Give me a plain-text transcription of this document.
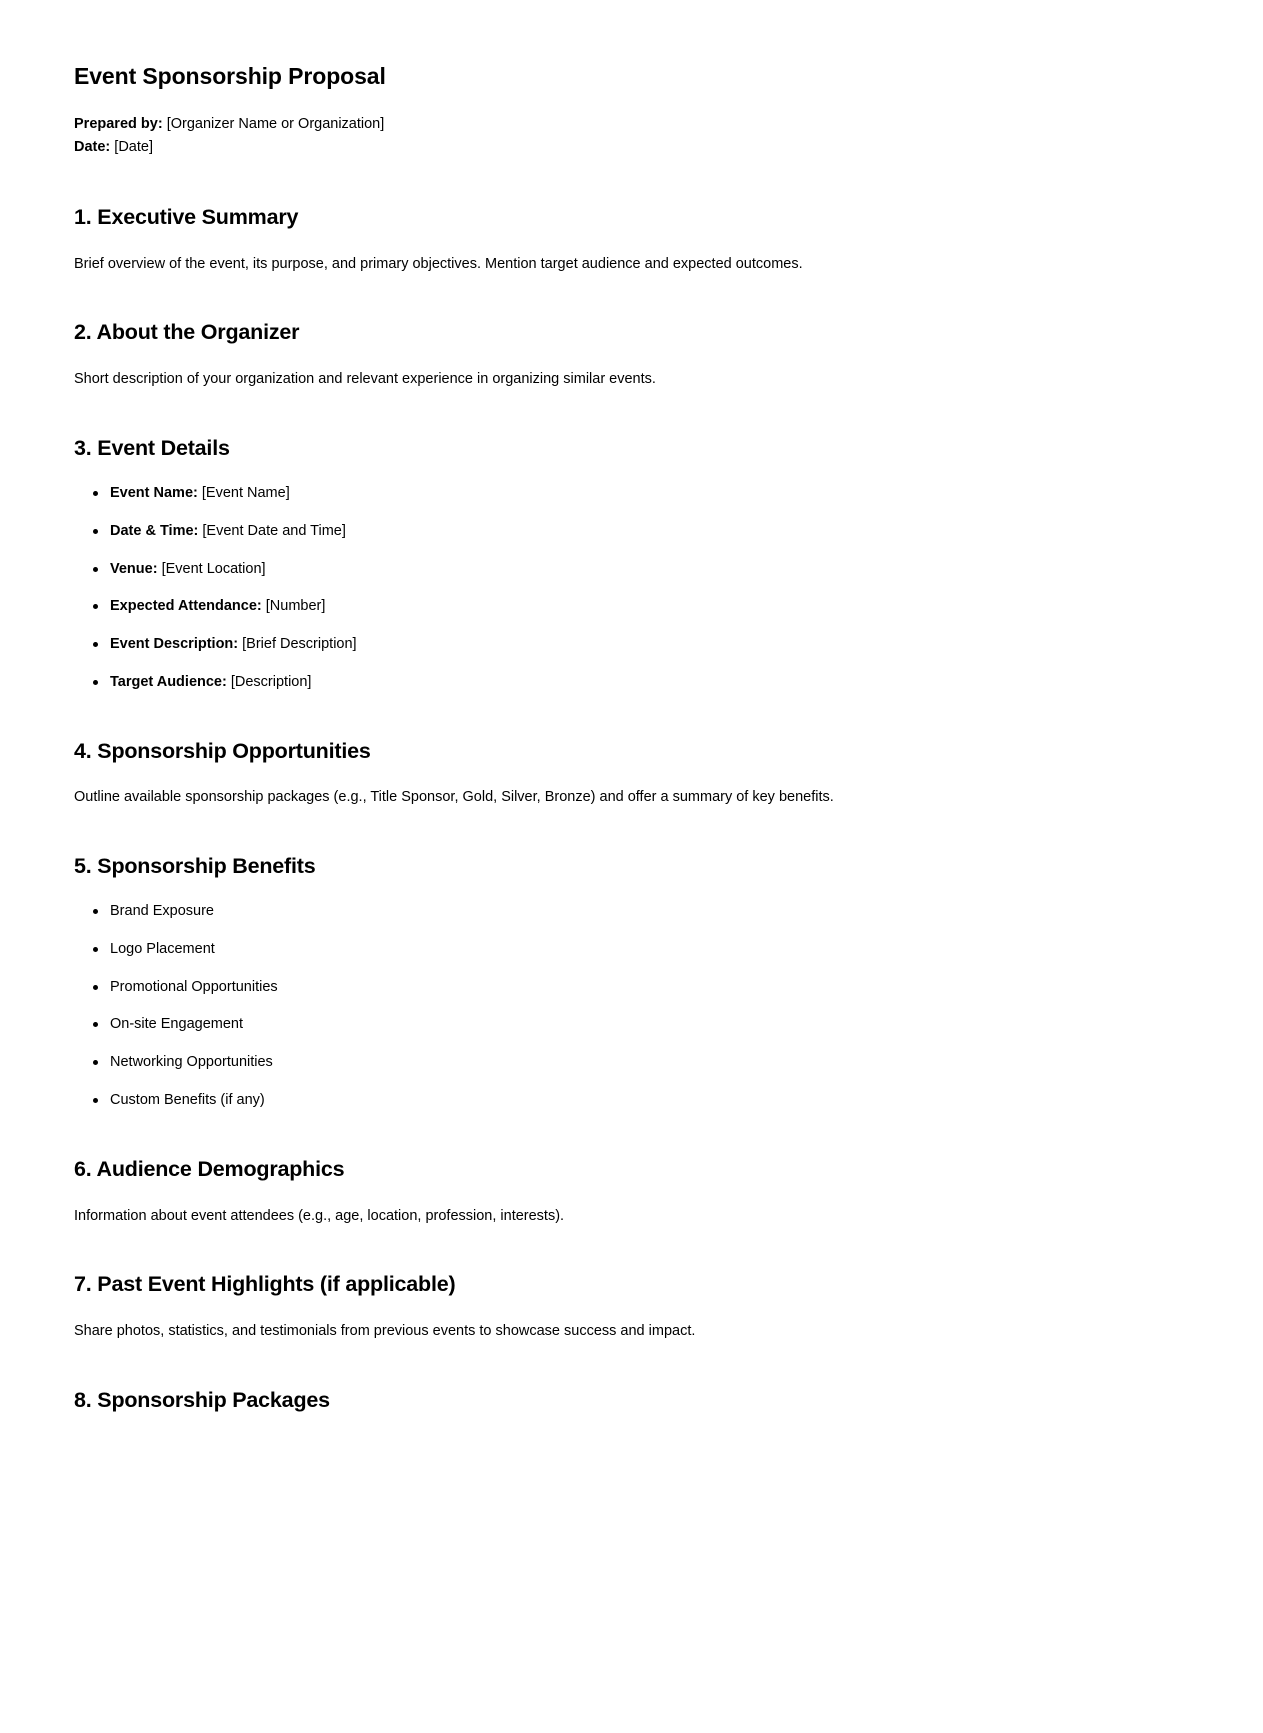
Event Sponsorship Proposal
Prepared by: [Organizer Name or Organization]
Date: [Date]
1. Executive Summary

Brief overview of the event, its purpose, and primary objectives. Mention target audience and expected outcomes.

2. About the Organizer

Short description of your organization and relevant experience in organizing similar events.

3. Event Details
Event Name: [Event Name]
Date & Time: [Event Date and Time]
Venue: [Event Location]
Expected Attendance: [Number]
Event Description: [Brief Description]
Target Audience: [Description]
4. Sponsorship Opportunities

Outline available sponsorship packages (e.g., Title Sponsor, Gold, Silver, Bronze) and offer a summary of key benefits.

5. Sponsorship Benefits
Brand Exposure
Logo Placement
Promotional Opportunities
On-site Engagement
Networking Opportunities
Custom Benefits (if any)
6. Audience Demographics

Information about event attendees (e.g., age, location, profession, interests).

7. Past Event Highlights (if applicable)

Share photos, statistics, and testimonials from previous events to showcase success and impact.

8. Sponsorship Packages
